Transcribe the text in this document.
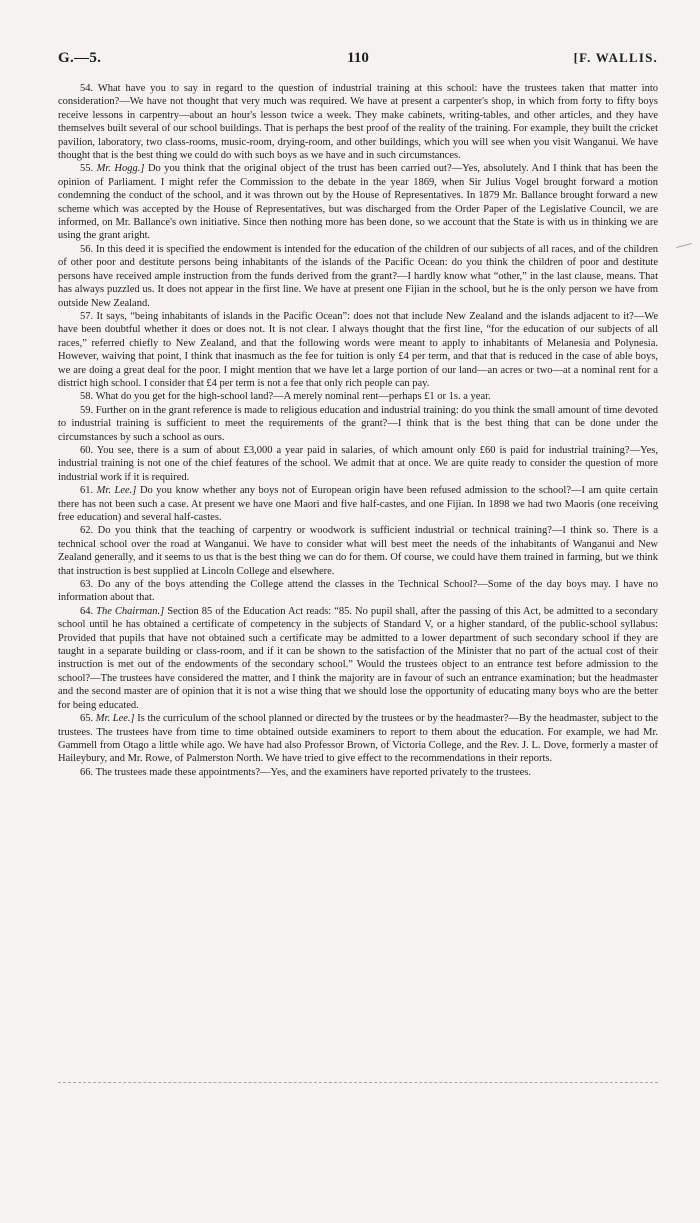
G.—5.	110	[F. WALLIS.

54. What have you to say in regard to the question of industrial training at this school: have the trustees taken that matter into consideration?—We have not thought that very much was required. We have at present a carpenter's shop, in which from forty to fifty boys receive lessons in carpentry—about an hour's lesson twice a week. They make cabinets, writing-tables, and other articles, and they have themselves built several of our school buildings. That is perhaps the best proof of the reality of the training. For example, they built the cricket pavilion, laboratory, two class-rooms, music-room, drying-room, and other buildings, which you will see when you visit Wanganui. We have thought that is the best thing we could do with such boys as we have and in such circumstances.

55. Mr. Hogg.] Do you think that the original object of the trust has been carried out?—Yes, absolutely. And I think that has been the opinion of Parliament. I might refer the Commission to the debate in the year 1869, when Sir Julius Vogel brought forward a motion condemning the conduct of the school, and it was thrown out by the House of Representatives. In 1879 Mr. Ballance brought forward a new scheme which was accepted by the House of Representatives, but was discharged from the Order Paper of the Legislative Council, we are informed, on Mr. Ballance's own initiative. Since then nothing more has been done, so we account that the State is with us in thinking we are using the grant aright.

56. In this deed it is specified the endowment is intended for the education of the children of our subjects of all races, and of the children of other poor and destitute persons being inhabitants of the islands of the Pacific Ocean: do you think the children of poor and destitute persons have received ample instruction from the funds derived from the grant?—I hardly know what “other,” in the last clause, means. That has always puzzled us. It does not appear in the first line. We have at present one Fijian in the school, but he is the only person we have from outside New Zealand.

57. It says, “being inhabitants of islands in the Pacific Ocean”: does not that include New Zealand and the islands adjacent to it?—We have been doubtful whether it does or does not. It is not clear. I always thought that the first line, “for the education of our subjects of all races,” referred chiefly to New Zealand, and that the following words were meant to apply to inhabitants of Melanesia and Polynesia. However, waiving that point, I think that inasmuch as the fee for tuition is only £4 per term, and that that is reduced in the case of able boys, we are doing a great deal for the poor. I might mention that we have let a large portion of our land—an acres or two—at a nominal rent for a district high school. I consider that £4 per term is not a fee that only rich people can pay.

58. What do you get for the high-school land?—A merely nominal rent—perhaps £1 or 1s. a year.

59. Further on in the grant reference is made to religious education and industrial training: do you think the small amount of time devoted to industrial training is sufficient to meet the requirements of the grant?—I think that is the best thing that can be done under the circumstances by such a school as ours.

60. You see, there is a sum of about £3,000 a year paid in salaries, of which amount only £60 is paid for industrial training?—Yes, industrial training is not one of the chief features of the school. We admit that at once. We are quite ready to consider the question of more industrial work if it is required.

61. Mr. Lee.] Do you know whether any boys not of European origin have been refused admission to the school?—I am quite certain there has not been such a case. At present we have one Maori and five half-castes, and one Fijian. In 1898 we had two Maoris (one receiving free education) and several half-castes.

62. Do you think that the teaching of carpentry or woodwork is sufficient industrial or technical training?—I think so. There is a technical school over the road at Wanganui. We have to consider what will best meet the needs of the inhabitants of Wanganui and New Zealand generally, and it seems to us that is the best thing we can do for them. Of course, we could have them trained in farming, but we think that instruction is best supplied at Lincoln College and elsewhere.

63. Do any of the boys attending the College attend the classes in the Technical School?—Some of the day boys may. I have no information about that.

64. The Chairman.] Section 85 of the Education Act reads: “85. No pupil shall, after the passing of this Act, be admitted to a secondary school until he has obtained a certificate of competency in the subjects of Standard V, or a higher standard, of the public-school syllabus: Provided that pupils that have not obtained such a certificate may be admitted to a lower department of such secondary school if they are taught in a separate building or class-room, and if it can be shown to the satisfaction of the Minister that no part of the actual cost of their instruction is met out of the endowments of the secondary school.” Would the trustees object to an entrance test before admission to the school?—The trustees have considered the matter, and I think the majority are in favour of such an entrance examination; but the headmaster and the second master are of opinion that it is not a wise thing that we should lose the opportunity of educating many boys who are the better for being educated.

65. Mr. Lee.] Is the curriculum of the school planned or directed by the trustees or by the headmaster?—By the headmaster, subject to the trustees. The trustees have from time to time obtained outside examiners to report to them about the education. For example, we had Mr. Gammell from Otago a little while ago. We have had also Professor Brown, of Victoria College, and the Rev. J. L. Dove, formerly a master of Haileybury, and Mr. Rowe, of Palmerston North. We have tried to give effect to the recommendations in their reports.

66. The trustees made these appointments?—Yes, and the examiners have reported privately to the trustees.
